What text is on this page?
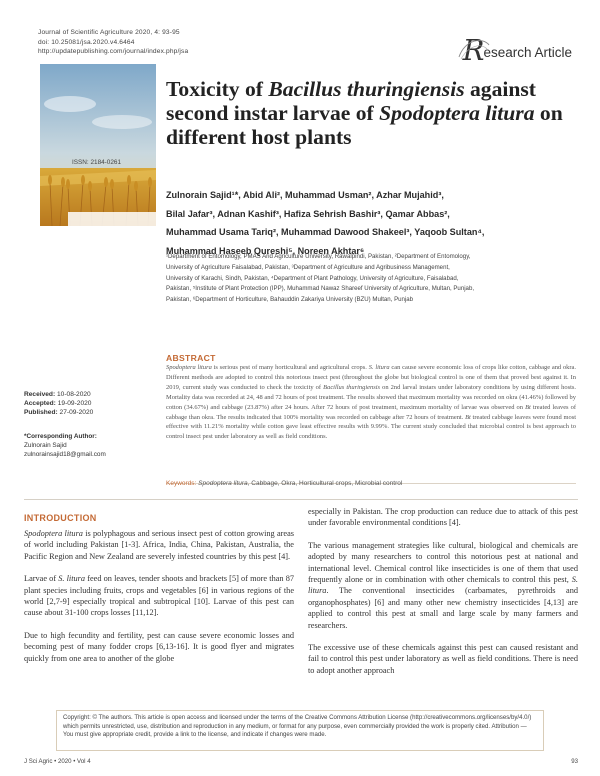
Journal of Scientific Agriculture 2020, 4: 93-95
doi: 10.25081/jsa.2020.v4.6464
http://updatepublishing.com/journal/index.php/jsa	R esearch Article
ISSN: 2184-0261
Toxicity of Bacillus thuringiensis against second instar larvae of Spodoptera litura on different host plants
Zulnorain Sajid¹*, Abid Ali², Muhammad Usman², Azhar Mujahid³,
Bilal Jafar³, Adnan Kashif³, Hafiza Sehrish Bashir³, Qamar Abbas²,
Muhammad Usama Tariq², Muhammad Dawood Shakeel³, Yaqoob Sultan⁴,
Muhammad Haseeb Qureshi⁵, Noreen Akhtar⁶
¹Department of Entomology, PMAS Arid Agriculture University, Rawalpindi, Pakistan, ²Department of Entomology,
University of Agriculture Faisalabad, Pakistan, ³Department of Agriculture and Agribusiness Management,
University of Karachi, Sindh, Pakistan, ⁴Department of Plant Pathology, University of Agriculture, Faisalabad,
Pakistan, ⁵Institute of Plant Protection (IPP), Muhammad Nawaz Shareef University of Agriculture, Multan, Punjab,
Pakistan, ⁶Department of Horticulture, Bahauddin Zakariya University (BZU) Multan, Punjab
ABSTRACT
Spodoptera litura is serious pest of many horticultural and agricultural crops. S. litura can cause severe economic loss of crops like cotton, cabbage and okra. Different methods are adopted to control this notorious insect pest (throughout the globe but biological control is one of them that proved best against it. In 2019, current study was conducted to check the toxicity of Bacillus thuringiensis on 2nd larval instars under laboratory conditions by using different hosts. Mortality data was recorded at 24, 48 and 72 hours of post treatment. The results showed that maximum mortality was recorded on okra (41.46%) followed by cotton (34.67%) and cabbage (23.87%) after 24 hours. After 72 hours of post treatment, maximum mortality of larvae was observed on Bt treated leaves of cabbage than okra. The results indicated that 100% mortality was recorded on cabbage after 72 hours of treatment. Bt treated cabbage leaves were found most effective with 11.21% mortality while cotton gave least effective results with 9.99%. The current study concluded that microbial control is best approach to control insect pest under laboratory as well as field conditions.
Keywords: Spodoptera litura, Cabbage, Okra, Horticultural crops, Microbial control
Received: 10-08-2020
Accepted: 19-09-2020
Published: 27-09-2020
*Corresponding Author:
Zulnorain Sajid
zulnorainsajid18@gmail.com
INTRODUCTION

Spodoptera litura is polyphagous and serious insect pest of cotton growing areas of world including Pakistan [1-3]. Africa, India, China, Pakistan, Australia, the Pacific Region and New Zealand are severely infested countries by this pest [4].

Larvae of S. litura feed on leaves, tender shoots and brackets [5] of more than 87 plant species including fruits, crops and vegetables [6] in various regions of the world [2,7-9] especially tropical and subtropical [10]. Larvae of this pest can cause about 31-100 crops losses [11,12].

Due to high fecundity and fertility, pest can cause severe economic losses and becoming pest of many fodder crops [6,13-16]. It is good flyer and migrates quickly from one area to another of the globe

especially in Pakistan. The crop production can reduce due to attack of this pest under favorable environmental conditions [4].

The various management strategies like cultural, biological and chemicals are adopted by many researchers to control this notorious pest at national and international level. Chemical control like insecticides is one of them that used frequently alone or in combination with other chemicals to control this pest, S. litura. The conventional insecticides (carbamates, pyrethroids and organophosphates) [6] and many other new chemistry insecticides [4,13] are applied to control this pest at small and large scale by many farmers and researchers.

The excessive use of these chemicals against this pest can caused resistant and fail to control this pest under laboratory as well as field conditions. There is need to adopt another approach

Copyright: © The authors. This article is open access and licensed under the terms of the Creative Commons Attribution License (http://creativecommons.org/licenses/by/4.0/) which permits unrestricted, use, distribution and reproduction in any medium, or format for any purpose, even commercially provided the work is properly cited. Attribution — You must give appropriate credit, provide a link to the license, and indicate if changes were made.
J Sci Agric • 2020 • Vol 4	93
